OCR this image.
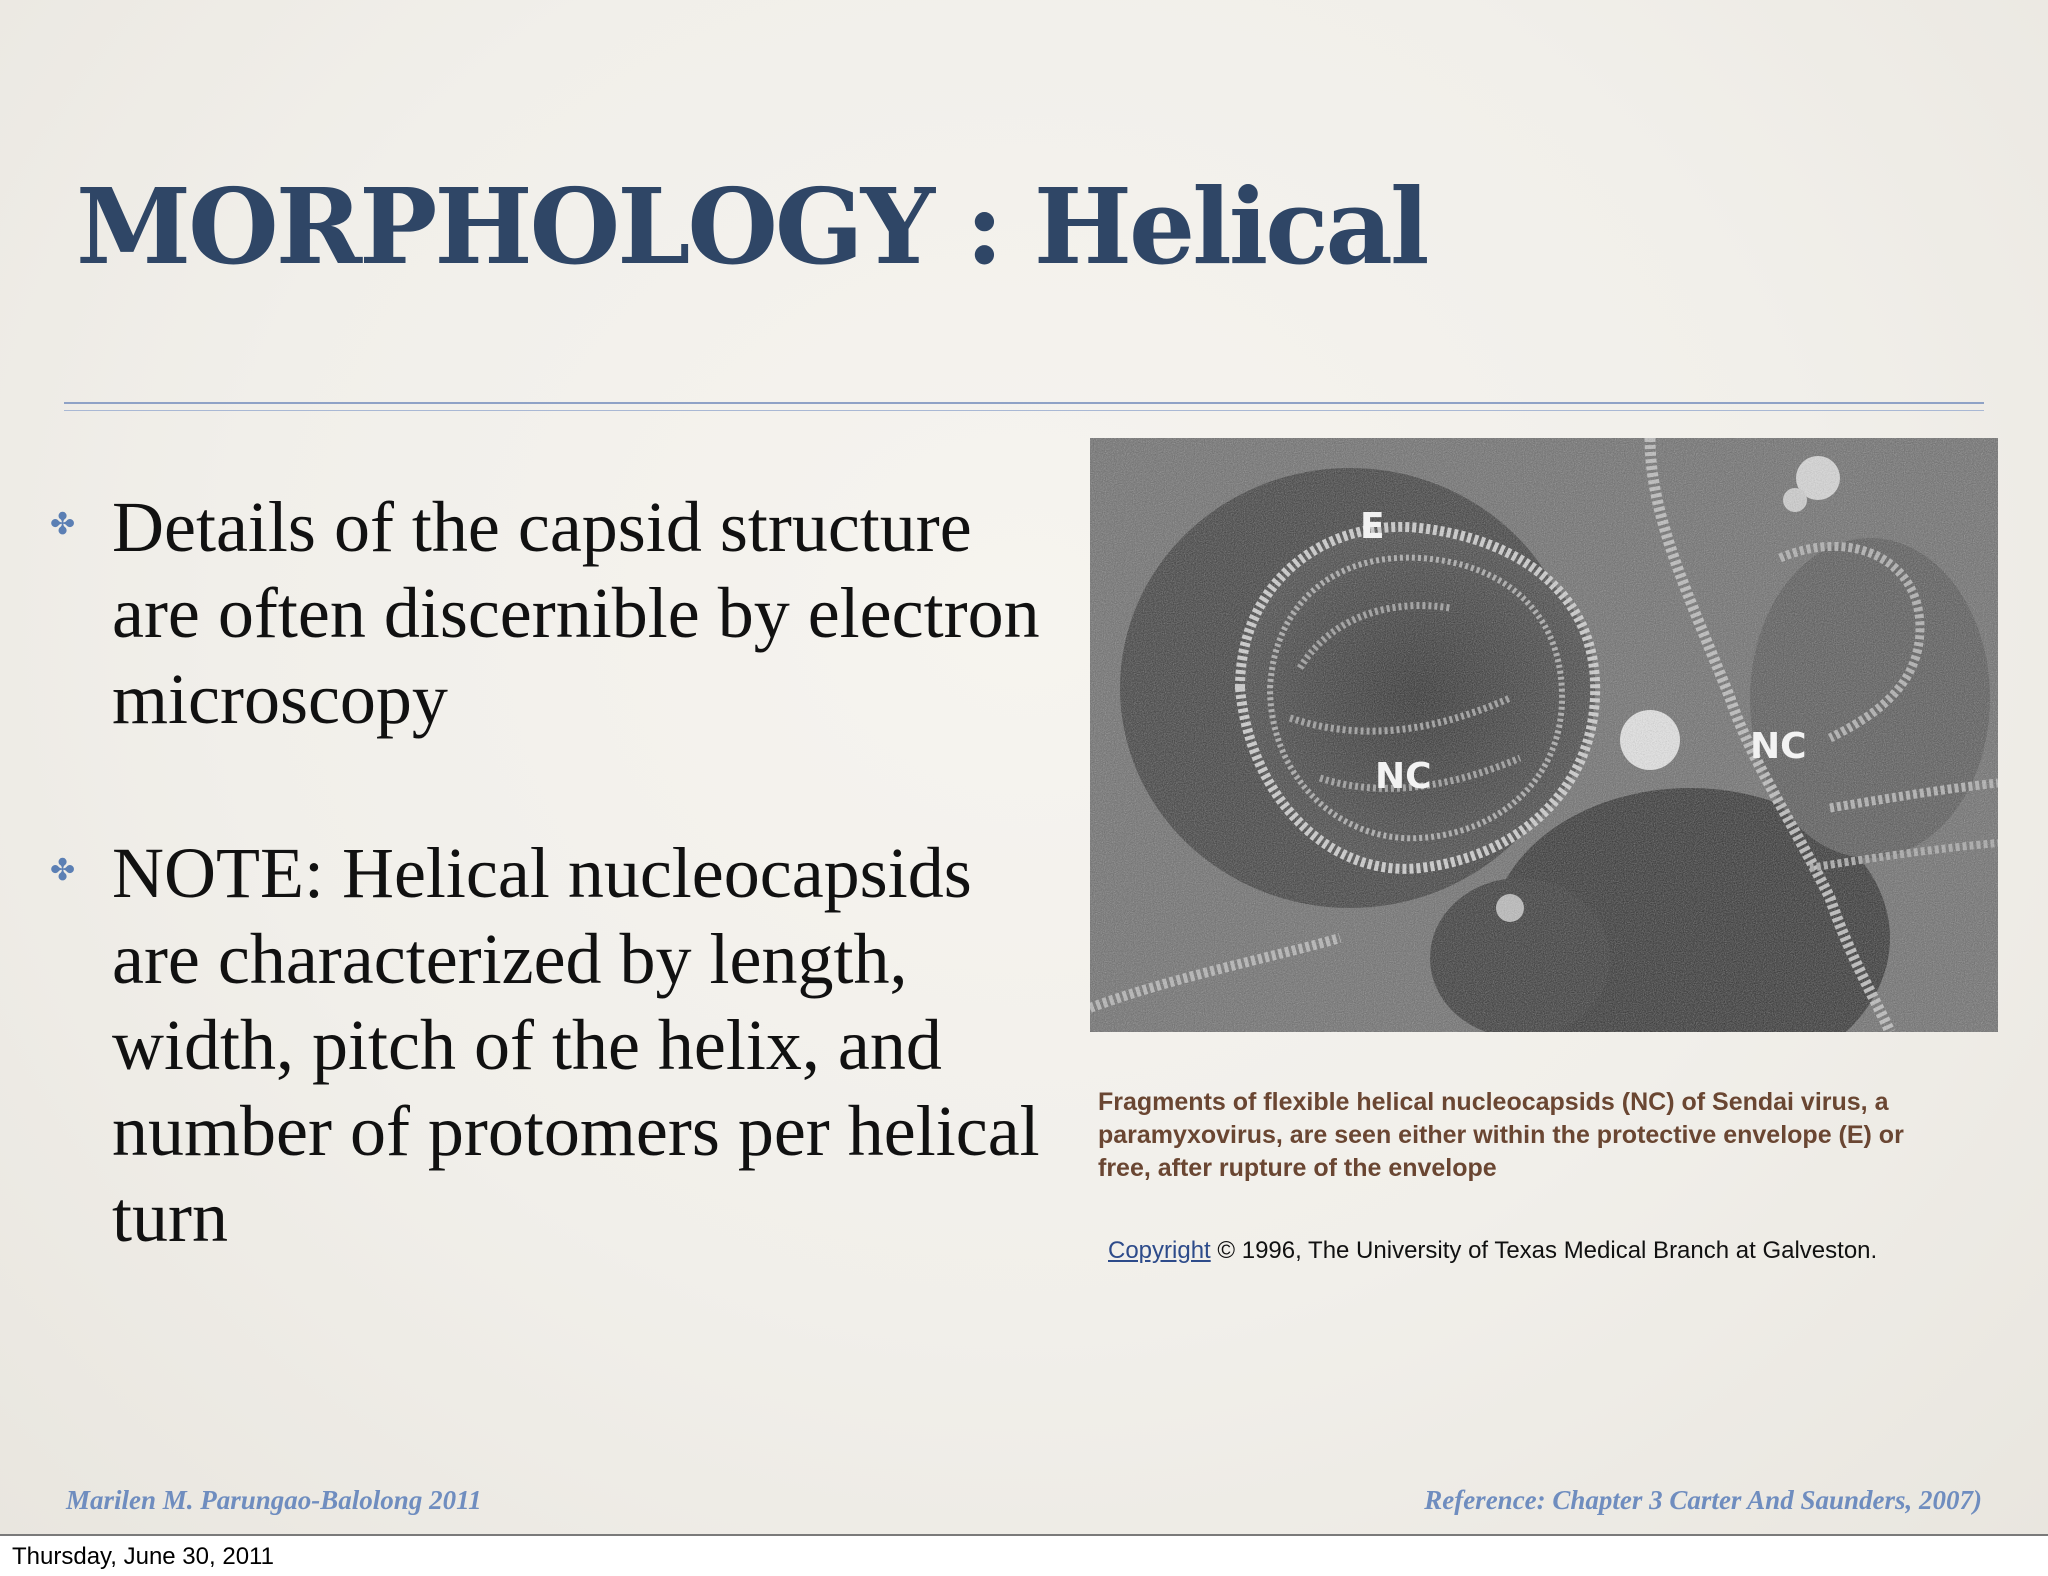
MORPHOLOGY : Helical
✤ Details of the capsid structure are often discernible by electron microscopy
✤ NOTE: Helical nucleocapsids are characterized by length, width, pitch of the helix, and number of protomers per helical turn
E
NC
NC
Fragments of flexible helical nucleocapsids (NC) of Sendai virus, a paramyxovirus, are seen either within the protective envelope (E) or free, after rupture of the envelope
Copyright © 1996, The University of Texas Medical Branch at Galveston.
Marilen M. Parungao-Balolong 2011	Reference: Chapter 3 Carter And Saunders, 2007)
Thursday, June 30, 2011
